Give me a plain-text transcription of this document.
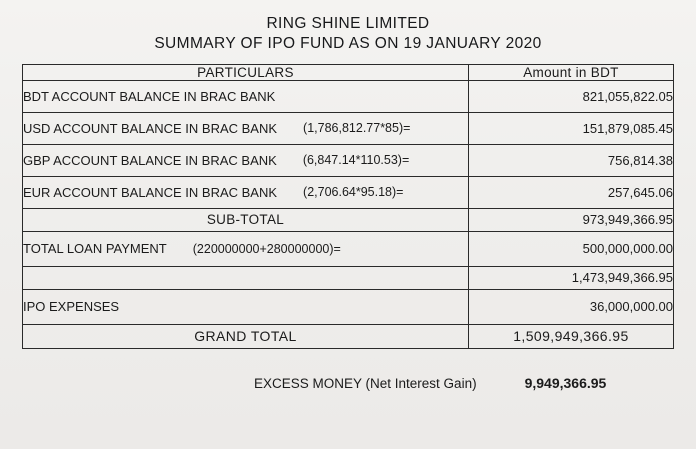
RING SHINE LIMITED
SUMMARY OF IPO FUND AS ON 19 JANUARY 2020
PARTICULARS	Amount in BDT

BDT ACCOUNT BALANCE IN BRAC BANK	821,055,822.05

USD ACCOUNT BALANCE IN BRAC BANK (1,786,812.77*85)=	151,879,085.45

GBP ACCOUNT BALANCE IN BRAC BANK (6,847.14*110.53)=	756,814.38

EUR ACCOUNT BALANCE IN BRAC BANK (2,706.64*95.18)=	257,645.06
SUB-TOTAL	973,949,366.95

TOTAL LOAN PAYMENT (220000000+280000000)=	500,000,000.00
	1,473,949,366.95
IPO EXPENSES	36,000,000.00
GRAND TOTAL	1,509,949,366.95
EXCESS MONEY (Net Interest Gain)	9,949,366.95
